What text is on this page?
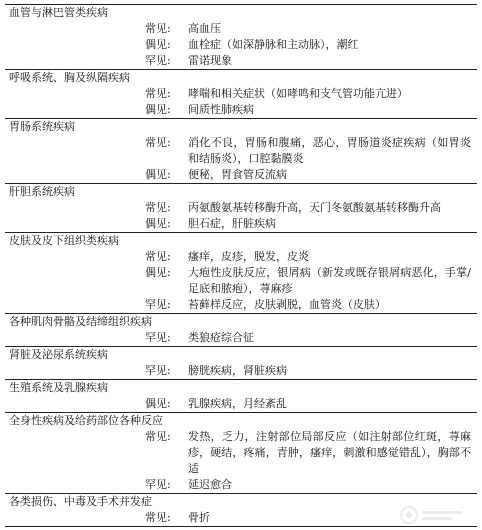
血管与淋巴管类疾病
常见: 高血压
偶见: 血栓症（如深静脉和主动脉），潮红
罕见: 雷诺现象
呼吸系统、胸及纵隔疾病
常见: 哮喘和相关症状（如哮鸣和支气管功能亢进）
偶见: 间质性肺疾病
胃肠系统疾病
常见: 消化不良，胃肠和腹痛，恶心，胃肠道炎症疾病（如胃炎和结肠炎），口腔黏膜炎
偶见: 便秘，胃食管反流病
肝胆系统疾病
常见: 丙氨酸氨基转移酶升高，天门冬氨酸氨基转移酶升高
偶见: 胆石症，肝脏疾病
皮肤及皮下组织类疾病
常见: 瘙痒，皮疹，脱发，皮炎
偶见: 大疱性皮肤反应，银屑病（新发或既存银屑病恶化，手掌/足底和脓疱），荨麻疹
罕见: 苔藓样反应，皮肤剥脱，血管炎（皮肤）
各种肌肉骨骼及结缔组织疾病
罕见: 类狼疮综合征
肾脏及泌尿系统疾病
罕见: 膀胱疾病，肾脏疾病
生殖系统及乳腺疾病
偶见: 乳腺疾病，月经紊乱
全身性疾病及给药部位各种反应
常见: 发热，乏力，注射部位局部反应（如注射部位红斑，荨麻疹，硬结，疼痛，青肿，瘙痒，刺激和感觉错乱），胸部不适
罕见: 延迟愈合
各类损伤、中毒及手术并发症
常见: 骨折
